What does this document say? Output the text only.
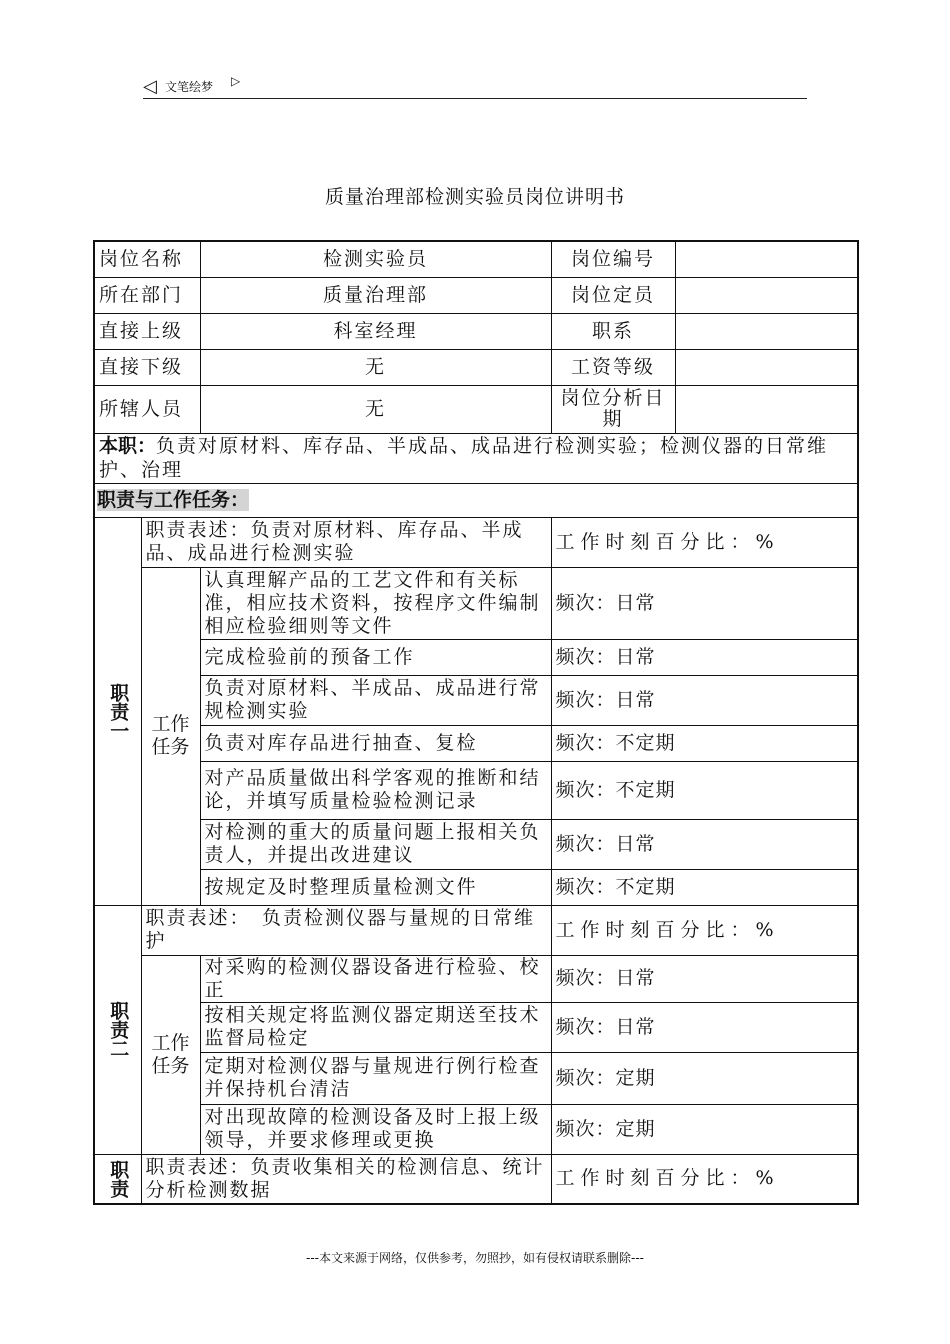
◁ 文笔绘梦 ▷
质量治理部检测实验员岗位讲明书
岗位名称		检测实验员	岗位编号	
所在部门		质量治理部	岗位定员	
直接上级		科室经理	职系	
直接下级		无	工资等级	
所辖人员		无	岗位分析日期	
本职：负责对原材料、库存品、半成品、成品进行检测实验；检测仪器的日常维护、治理				
职责与工作任务：				
职责一	职责表述：负责对原材料、库存品、半成品、成品进行检测实验		工作时刻百分比：%	

	工作任务	认真理解产品的工艺文件和有关标准，相应技术资料，按程序文件编制相应检验细则等文件	频次：日常	
		完成检验前的预备工作	频次：日常	
		负责对原材料、半成品、成品进行常规检测实验	频次：日常	
		负责对库存品进行抽查、复检	频次：不定期	
		对产品质量做出科学客观的推断和结论，并填写质量检验检测记录	频次：不定期	
		对检测的重大的质量问题上报相关负责人，并提出改进建议	频次：日常	
		按规定及时整理质量检测文件	频次：不定期	
职责二	职责表述：　负责检测仪器与量规的日常维护		工作时刻百分比：%	

	工作任务	对采购的检测仪器设备进行检验、校正	频次：日常	
		按相关规定将监测仪器定期送至技术监督局检定	频次：日常	
		定期对检测仪器与量规进行例行检查并保持机台清洁	频次：定期	
		对出现故障的检测设备及时上报上级领导，并要求修理或更换	频次：定期	
职责	职责表述：负责收集相关的检测信息、统计分析检测数据		工作时刻百分比：%	
---本文来源于网络，仅供参考，勿照抄，如有侵权请联系删除---
